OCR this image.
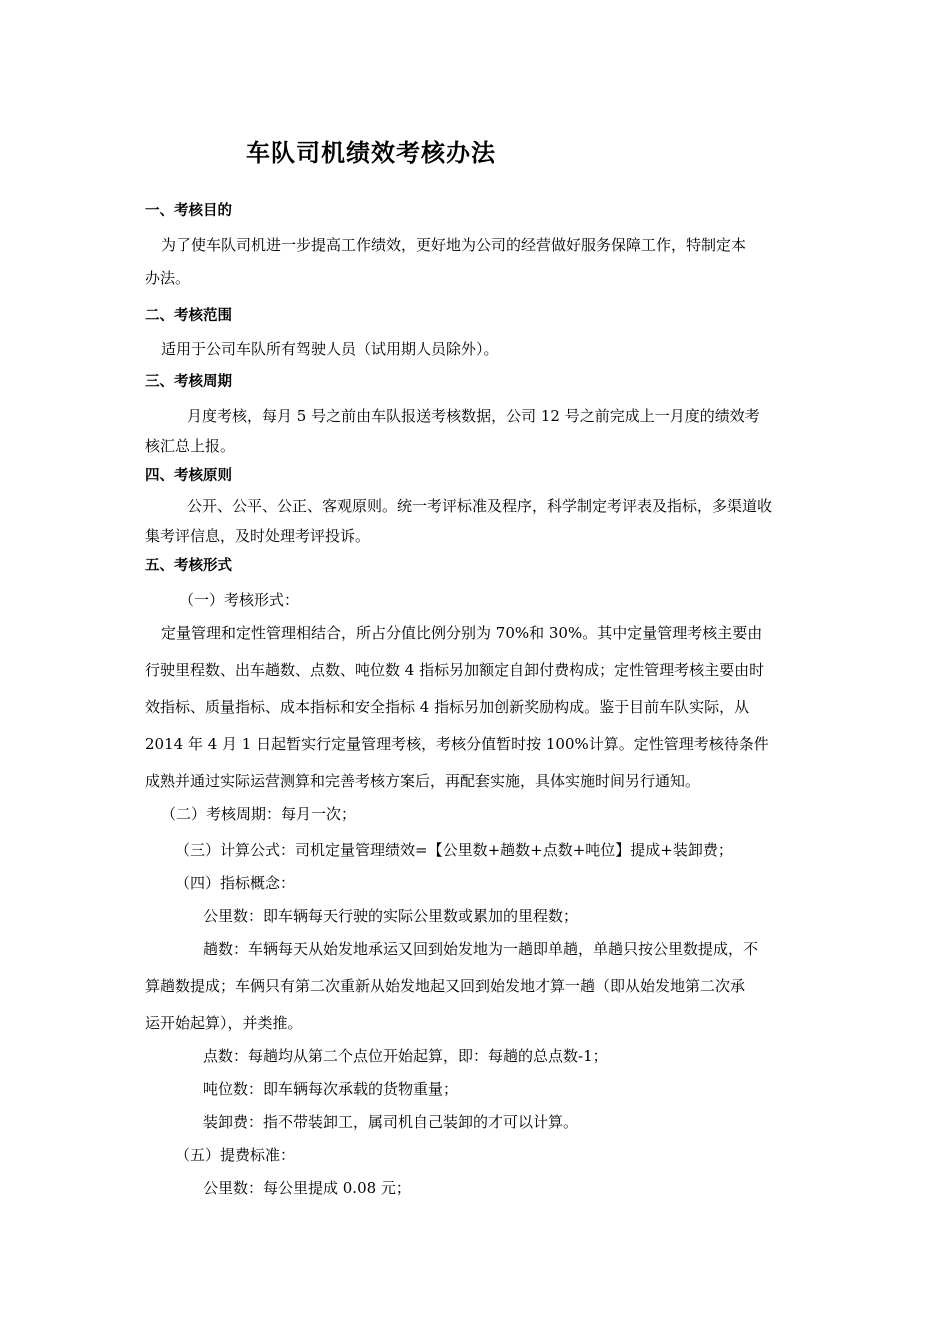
车队司机绩效考核办法
一、考核目的
为了使车队司机进一步提高工作绩效，更好地为公司的经营做好服务保障工作，特制定本
办法。
二、考核范围
适用于公司车队所有驾驶人员（试用期人员除外）。
三、考核周期
月度考核，每月 5 号之前由车队报送考核数据，公司 12 号之前完成上一月度的绩效考
核汇总上报。
四、考核原则
公开、公平、公正、客观原则。统一考评标准及程序，科学制定考评表及指标，多渠道收
集考评信息，及时处理考评投诉。
五、考核形式
（一）考核形式：
定量管理和定性管理相结合，所占分值比例分别为 70%和 30%。其中定量管理考核主要由
行驶里程数、出车趟数、点数、吨位数 4 指标另加额定自卸付费构成；定性管理考核主要由时
效指标、质量指标、成本指标和安全指标 4 指标另加创新奖励构成。鉴于目前车队实际，从
2014 年 4 月 1 日起暂实行定量管理考核，考核分值暂时按 100%计算。定性管理考核待条件
成熟并通过实际运营测算和完善考核方案后，再配套实施，具体实施时间另行通知。
（二）考核周期：每月一次；
（三）计算公式：司机定量管理绩效=【公里数+趟数+点数+吨位】提成+装卸费；
（四）指标概念：
公里数：即车辆每天行驶的实际公里数或累加的里程数；
趟数：车辆每天从始发地承运又回到始发地为一趟即单趟，单趟只按公里数提成，不
算趟数提成；车俩只有第二次重新从始发地起又回到始发地才算一趟（即从始发地第二次承
运开始起算），并类推。
点数：每趟均从第二个点位开始起算，即：每趟的总点数-1；
吨位数：即车辆每次承载的货物重量；
装卸费：指不带装卸工，属司机自己装卸的才可以计算。
（五）提费标准：
公里数：每公里提成 0.08 元；
